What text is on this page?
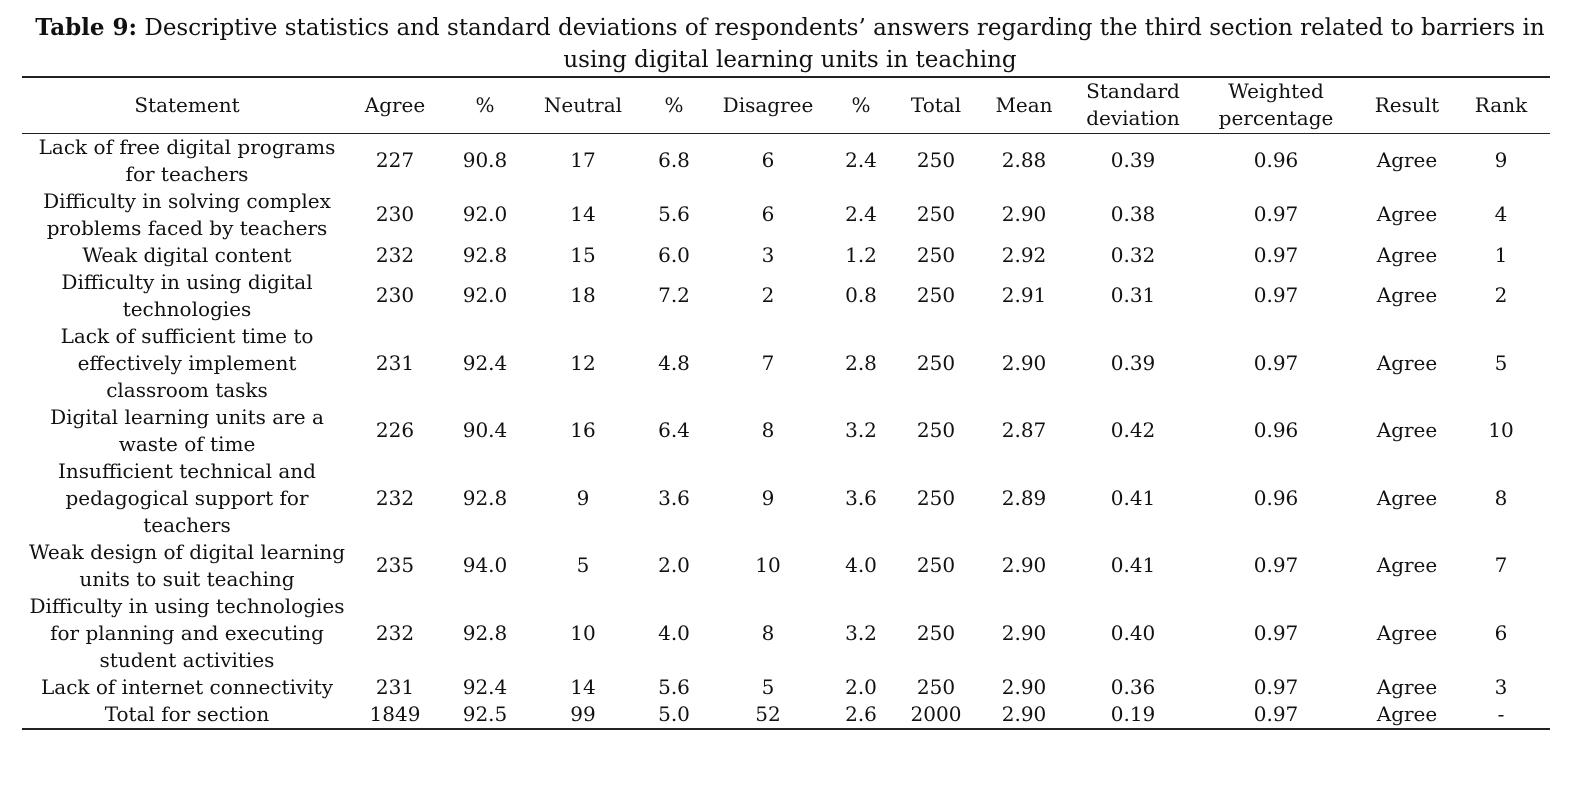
Table 9: Descriptive statistics and standard deviations of respondents’ answers regarding the third section related to barriers in using digital learning units in teaching
Statement	Agree	%	Neutral	%	Disagree	%	Total	Mean	Standard deviation	Weighted percentage	Result	Rank
Lack of free digital programs for teachers	227	90.8	17	6.8	6	2.4	250	2.88	0.39	0.96	Agree	9
Difficulty in solving complex problems faced by teachers	230	92.0	14	5.6	6	2.4	250	2.90	0.38	0.97	Agree	4
Weak digital content	232	92.8	15	6.0	3	1.2	250	2.92	0.32	0.97	Agree	1
Difficulty in using digital technologies	230	92.0	18	7.2	2	0.8	250	2.91	0.31	0.97	Agree	2
Lack of sufficient time to effectively implement classroom tasks	231	92.4	12	4.8	7	2.8	250	2.90	0.39	0.97	Agree	5
Digital learning units are a waste of time	226	90.4	16	6.4	8	3.2	250	2.87	0.42	0.96	Agree	10
Insufficient technical and pedagogical support for teachers	232	92.8	9	3.6	9	3.6	250	2.89	0.41	0.96	Agree	8
Weak design of digital learning units to suit teaching	235	94.0	5	2.0	10	4.0	250	2.90	0.41	0.97	Agree	7
Difficulty in using technologies for planning and executing student activities	232	92.8	10	4.0	8	3.2	250	2.90	0.40	0.97	Agree	6
Lack of internet connectivity	231	92.4	14	5.6	5	2.0	250	2.90	0.36	0.97	Agree	3
Total for section	1849	92.5	99	5.0	52	2.6	2000	2.90	0.19	0.97	Agree	-
